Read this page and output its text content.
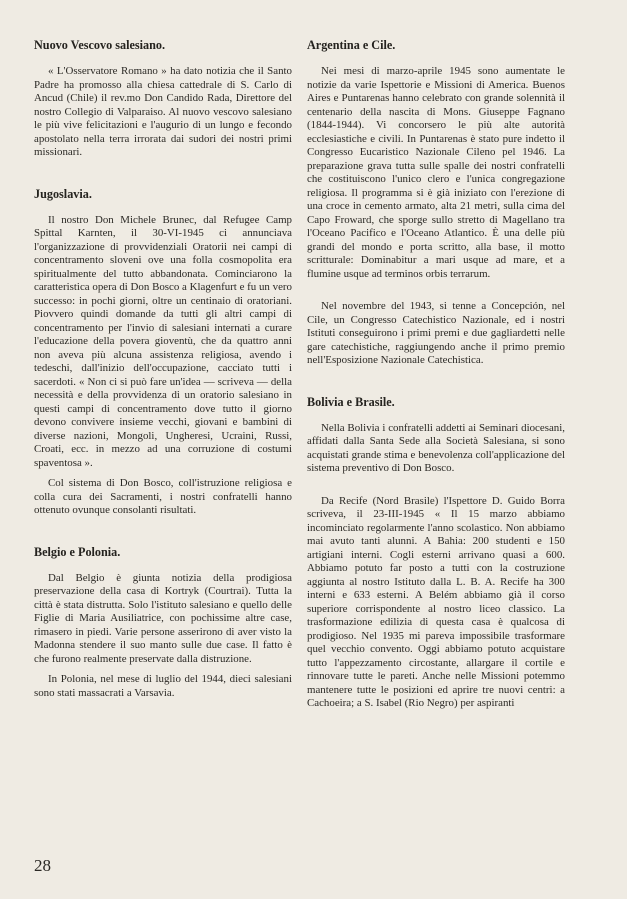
Nuovo Vescovo salesiano.

« L'Osservatore Romano » ha dato notizia che il Santo Padre ha promosso alla chiesa cattedrale di S. Carlo di Ancud (Chile) il rev.mo Don Candido Rada, Direttore del nostro Collegio di Valparaiso. Al nuovo vescovo salesiano le più vive felicitazioni e l'augurio di un lungo e fecondo apostolato nella terra irrorata dai sudori dei nostri primi missionari.

Jugoslavia.

Il nostro Don Michele Brunec, dal Refugee Camp Spittal Karnten, il 30-VI-1945 ci annunciava l'organizzazione di provvidenziali Oratorii nei campi di concentramento sloveni ove una folla cosmopolita era spiritualmente del tutto abbandonata. Cominciarono la caratteristica opera di Don Bosco a Klagenfurt e fu un vero successo: in pochi giorni, oltre un centinaio di oratoriani. Piovvero quindi domande da tutti gli altri campi di concentramento per l'invio di salesiani internati a curare l'educazione della povera gioventù, che da quattro anni non aveva più alcuna assistenza religiosa, avendo i tedeschi, dall'inizio dell'occupazione, cacciato tutti i sacerdoti. « Non ci si può fare un'idea — scriveva — della necessità e della provvidenza di un oratorio salesiano in questi campi di concentramento dove tutto il giorno devono convivere insieme vecchi, giovani e bambini di diverse nazioni, Mongoli, Ungheresi, Ucraini, Russi, Croati, ecc. in mezzo ad una corruzione di costumi spaventosa ».

Col sistema di Don Bosco, coll'istruzione religiosa e colla cura dei Sacramenti, i nostri confratelli hanno ottenuto ovunque consolanti risultati.

Belgio e Polonia.

Dal Belgio è giunta notizia della prodigiosa preservazione della casa di Kortryk (Courtrai). Tutta la città è stata distrutta. Solo l'istituto salesiano e quello delle Figlie di Maria Ausiliatrice, con pochissime altre case, rimasero in piedi. Varie persone asserirono di aver visto la Madonna stendere il suo manto sulle due case. Il fatto è che furono realmente preservate dalla distruzione.

In Polonia, nel mese di luglio del 1944, dieci salesiani sono stati massacrati a Varsavia.

Argentina e Cile.

Nei mesi di marzo-aprile 1945 sono aumentate le notizie da varie Ispettorie e Missioni di America. Buenos Aires e Puntarenas hanno celebrato con grande solennità il centenario della nascita di Mons. Giuseppe Fagnano (1844-1944). Vi concorsero le più alte autorità ecclesiastiche e civili. In Puntarenas è stato pure indetto il Congresso Eucaristico Nazionale Cileno pel 1946. La preparazione grava tutta sulle spalle dei nostri confratelli che costituiscono l'unico clero e l'unica congregazione religiosa. Il programma si è già iniziato con l'erezione di una croce in cemento armato, alta 21 metri, sulla cima del Capo Froward, che sporge sullo stretto di Magellano tra l'Oceano Pacifico e l'Oceano Atlantico. È una delle più grandi del mondo e porta scritto, alla base, il motto scritturale: Dominabitur a mari usque ad mare, et a flumine usque ad terminos orbis terrarum.

Nel novembre del 1943, si tenne a Concepción, nel Cile, un Congresso Catechistico Nazionale, ed i nostri Istituti conseguirono i primi premi e due gagliardetti nelle gare catechistiche, raggiungendo anche il primo premio nell'Esposizione Nazionale Catechistica.

Bolivia e Brasile.

Nella Bolivia i confratelli addetti ai Seminari diocesani, affidati dalla Santa Sede alla Società Salesiana, si sono acquistati grande stima e benevolenza coll'applicazione del sistema preventivo di Don Bosco.

Da Recife (Nord Brasile) l'Ispettore D. Guido Borra scriveva, il 23-III-1945 « Il 15 marzo abbiamo incominciato regolarmente l'anno scolastico. Non abbiamo mai avuto tanti alunni. A Bahia: 200 studenti e 150 artigiani interni. Cogli esterni arrivano quasi a 600. Abbiamo potuto far posto a tutti con la costruzione aggiunta al nostro Istituto dalla L. B. A. Recife ha 300 interni e 633 esterni. A Belém abbiamo già il corso superiore corrispondente al nostro liceo classico. La trasformazione edilizia di questa casa è qualcosa di prodigioso. Nel 1935 mi pareva impossibile trasformare quel vecchio convento. Oggi abbiamo potuto acquistare tutto l'appezzamento circostante, allargare il cortile e rinnovare tutte le pareti. Anche nelle Missioni potemmo mantenere tutte le posizioni ed aprire tre nuovi centri: a Cachoeira; a S. Isabel (Rio Negro) per aspiranti

28
